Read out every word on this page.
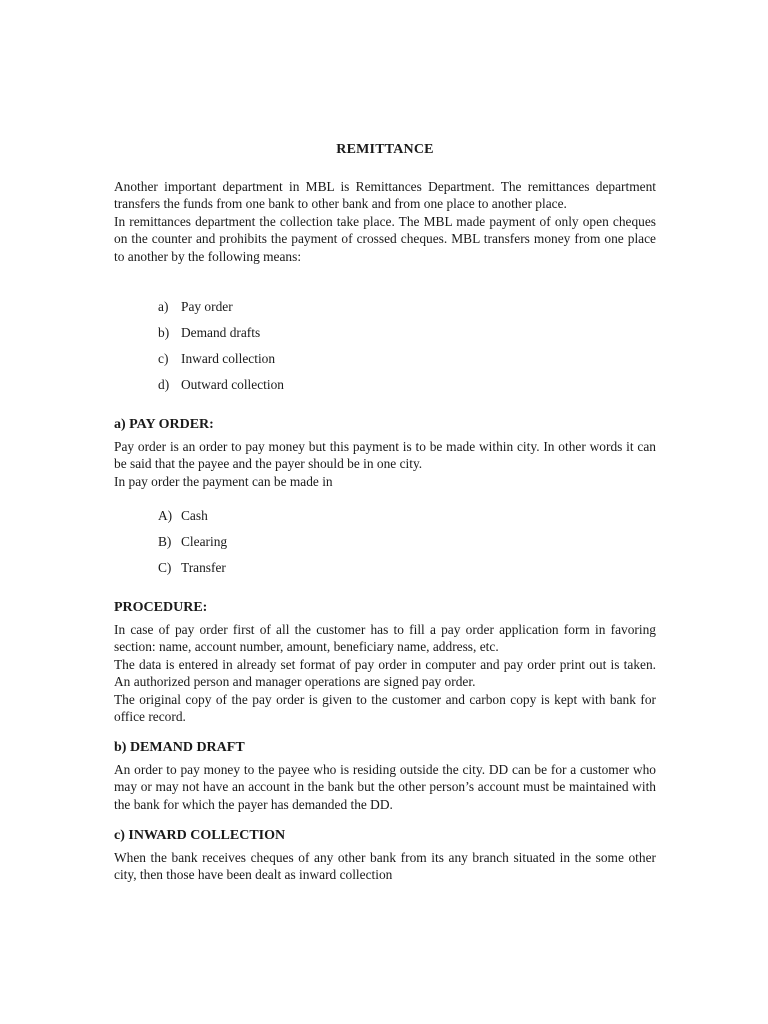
REMITTANCE

Another important department in MBL is Remittances Department. The remittances department transfers the funds from one bank to other bank and from one place to another place.

In remittances department the collection take place. The MBL made payment of only open cheques on the counter and prohibits the payment of crossed cheques. MBL transfers money from one place to another by the following means:

a) Pay order
b) Demand drafts
c) Inward collection
d) Outward collection
a) PAY ORDER:

Pay order is an order to pay money but this payment is to be made within city. In other words it can be said that the payee and the payer should be in one city.

In pay order the payment can be made in

A) Cash
B) Clearing
C) Transfer
PROCEDURE:

In case of pay order first of all the customer has to fill a pay order application form in favoring section: name, account number, amount, beneficiary name, address, etc.

The data is entered in already set format of pay order in computer and pay order print out is taken. An authorized person and manager operations are signed pay order.

The original copy of the pay order is given to the customer and carbon copy is kept with bank for office record.

b) DEMAND DRAFT

An order to pay money to the payee who is residing outside the city. DD can be for a customer who may or may not have an account in the bank but the other person’s account must be maintained with the bank for which the payer has demanded the DD.

c) INWARD COLLECTION

When the bank receives cheques of any other bank from its any branch situated in the some other city, then those have been dealt as inward collection
